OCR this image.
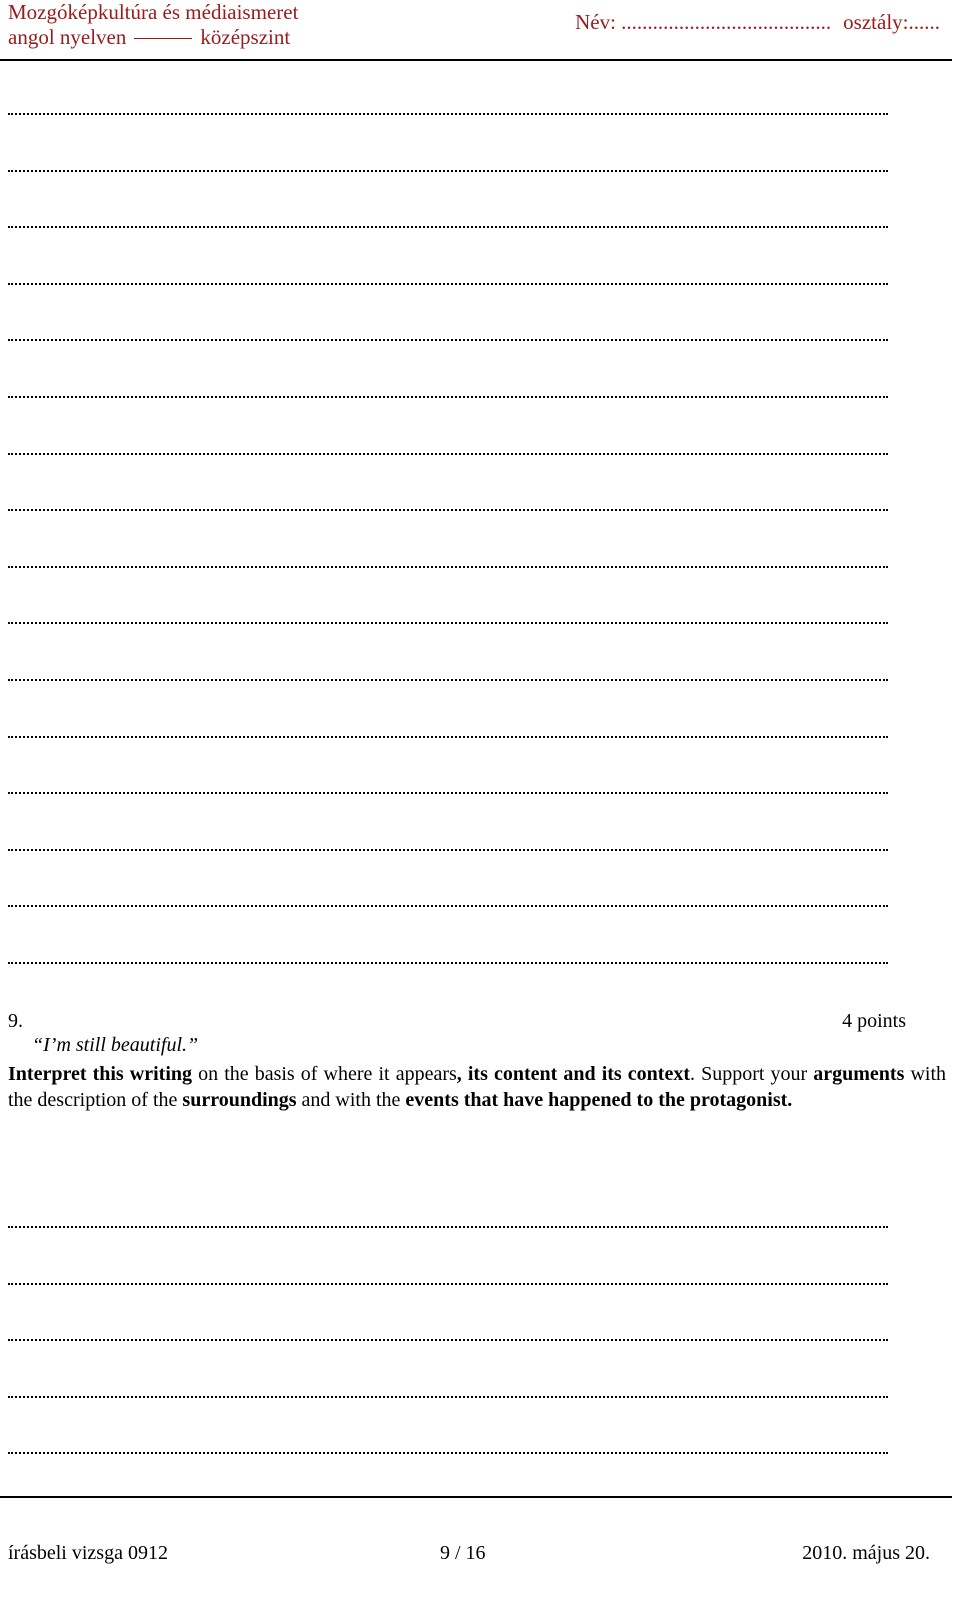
Mozgóképkultúra és médiaismeret
angol nyelven	középszint
Név: ........................................ osztály:......
9.	4 points
“I’m still beautiful.”
Interpret this writing on the basis of where it appears, its content and its context. Support your arguments with the description of the surroundings and with the events that have happened to the protagonist.
írásbeli vizsga 0912	9 / 16	2010. május 20.
